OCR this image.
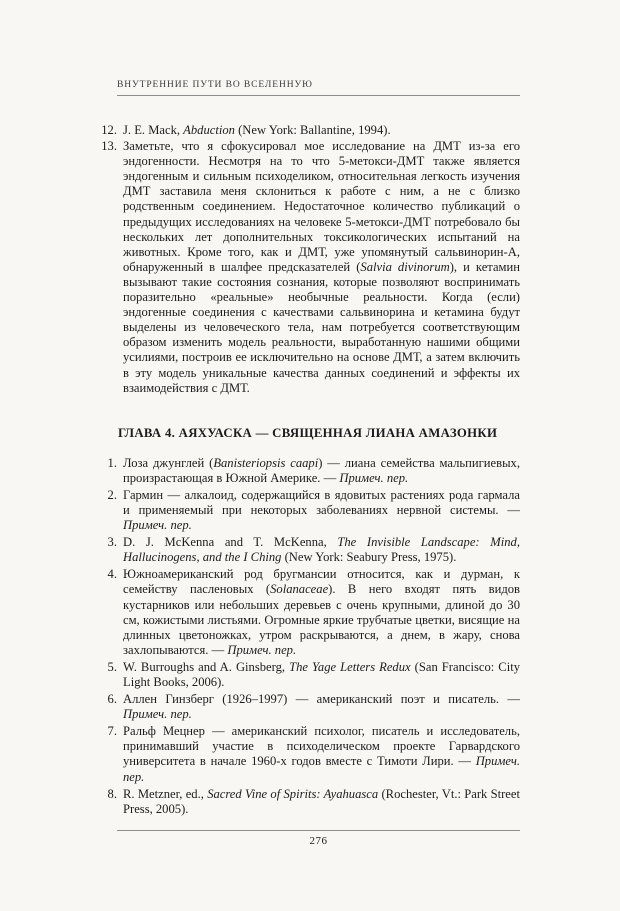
ВНУТРЕННИЕ ПУТИ ВО ВСЕЛЕННУЮ
12. J. E. Mack, Abduction (New York: Ballantine, 1994).
13. Заметьте, что я сфокусировал мое исследование на ДМТ из-за его эндогенности. Несмотря на то что 5-метокси-ДМТ также является эндогенным и сильным психоделиком, относительная легкость изучения ДМТ заставила меня склониться к работе с ним, а не с близко родственным соединением. Недостаточное количество публикаций о предыдущих исследованиях на человеке 5-метокси-ДМТ потребовало бы нескольких лет дополнительных токсикологических испытаний на животных. Кроме того, как и ДМТ, уже упомянутый сальвинорин-А, обнаруженный в шалфее предсказателей (Salvia divinorum), и кетамин вызывают такие состояния сознания, которые позволяют воспринимать поразительно «реальные» необычные реальности. Когда (если) эндогенные соединения с качествами сальвинорина и кетамина будут выделены из человеческого тела, нам потребуется соответствующим образом изменить модель реальности, выработанную нашими общими усилиями, построив ее исключительно на основе ДМТ, а затем включить в эту модель уникальные качества данных соединений и эффекты их взаимодействия с ДМТ.
ГЛАВА 4. АЯХУАСКА — СВЯЩЕННАЯ ЛИАНА АМАЗОНКИ
1. Лоза джунглей (Banisteriopsis caapi) — лиана семейства мальпигиевых, произрастающая в Южной Америке. — Примеч. пер.
2. Гармин — алкалоид, содержащийся в ядовитых растениях рода гармала и применяемый при некоторых заболеваниях нервной системы. — Примеч. пер.
3. D. J. McKenna and T. McKenna, The Invisible Landscape: Mind, Hallucinogens, and the I Ching (New York: Seabury Press, 1975).
4. Южноамериканский род бругмансии относится, как и дурман, к семейству пасленовых (Solanaceae). В него входят пять видов кустарников или небольших деревьев с очень крупными, длиной до 30 см, кожистыми листьями. Огромные яркие трубчатые цветки, висящие на длинных цветоножках, утром раскрываются, а днем, в жару, снова захлопываются. — Примеч. пер.
5. W. Burroughs and A. Ginsberg, The Yage Letters Redux (San Francisco: City Light Books, 2006).
6. Аллен Гинзберг (1926–1997) — американский поэт и писатель. — Примеч. пер.
7. Ральф Мецнер — американский психолог, писатель и исследователь, принимавший участие в психоделическом проекте Гарвардского университета в начале 1960-х годов вместе с Тимоти Лири. — Примеч. пер.
8. R. Metzner, ed., Sacred Vine of Spirits: Ayahuasca (Rochester, Vt.: Park Street Press, 2005).
276
